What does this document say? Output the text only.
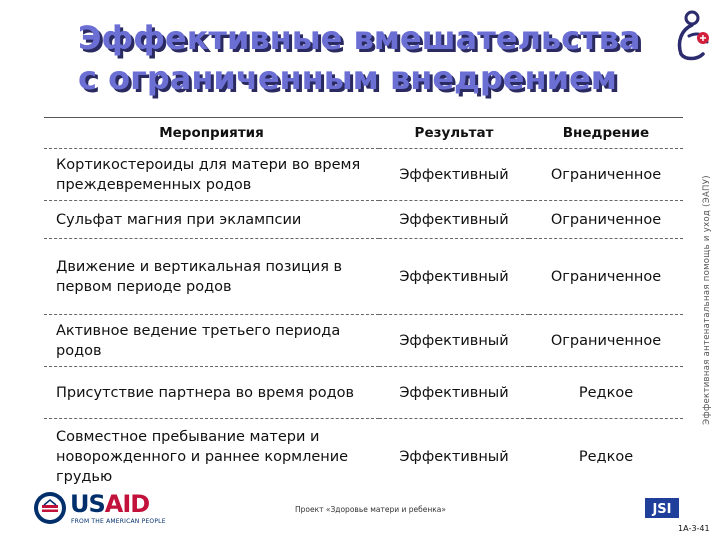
Эффективные вмешательства
с ограниченным внедрением
Эффективная антенатальная помощь и уход (ЭАПУ)
Мероприятия	Результат	Внедрение
Кортикостероиды для матери во время преждевременных родов	Эффективный	Ограниченное
Сульфат магния при эклампсии	Эффективный	Ограниченное
Движение и вертикальная позиция в первом периоде родов	Эффективный	Ограниченное
Активное ведение третьего периода родов	Эффективный	Ограниченное
Присутствие партнера во время родов	Эффективный	Редкое
Совместное пребывание матери и новорожденного и раннее кормление грудью	Эффективный	Редкое
USAID
FROM THE AMERICAN PEOPLE
Проект «Здоровье матери и ребенка»	JSI
1А-3-41
